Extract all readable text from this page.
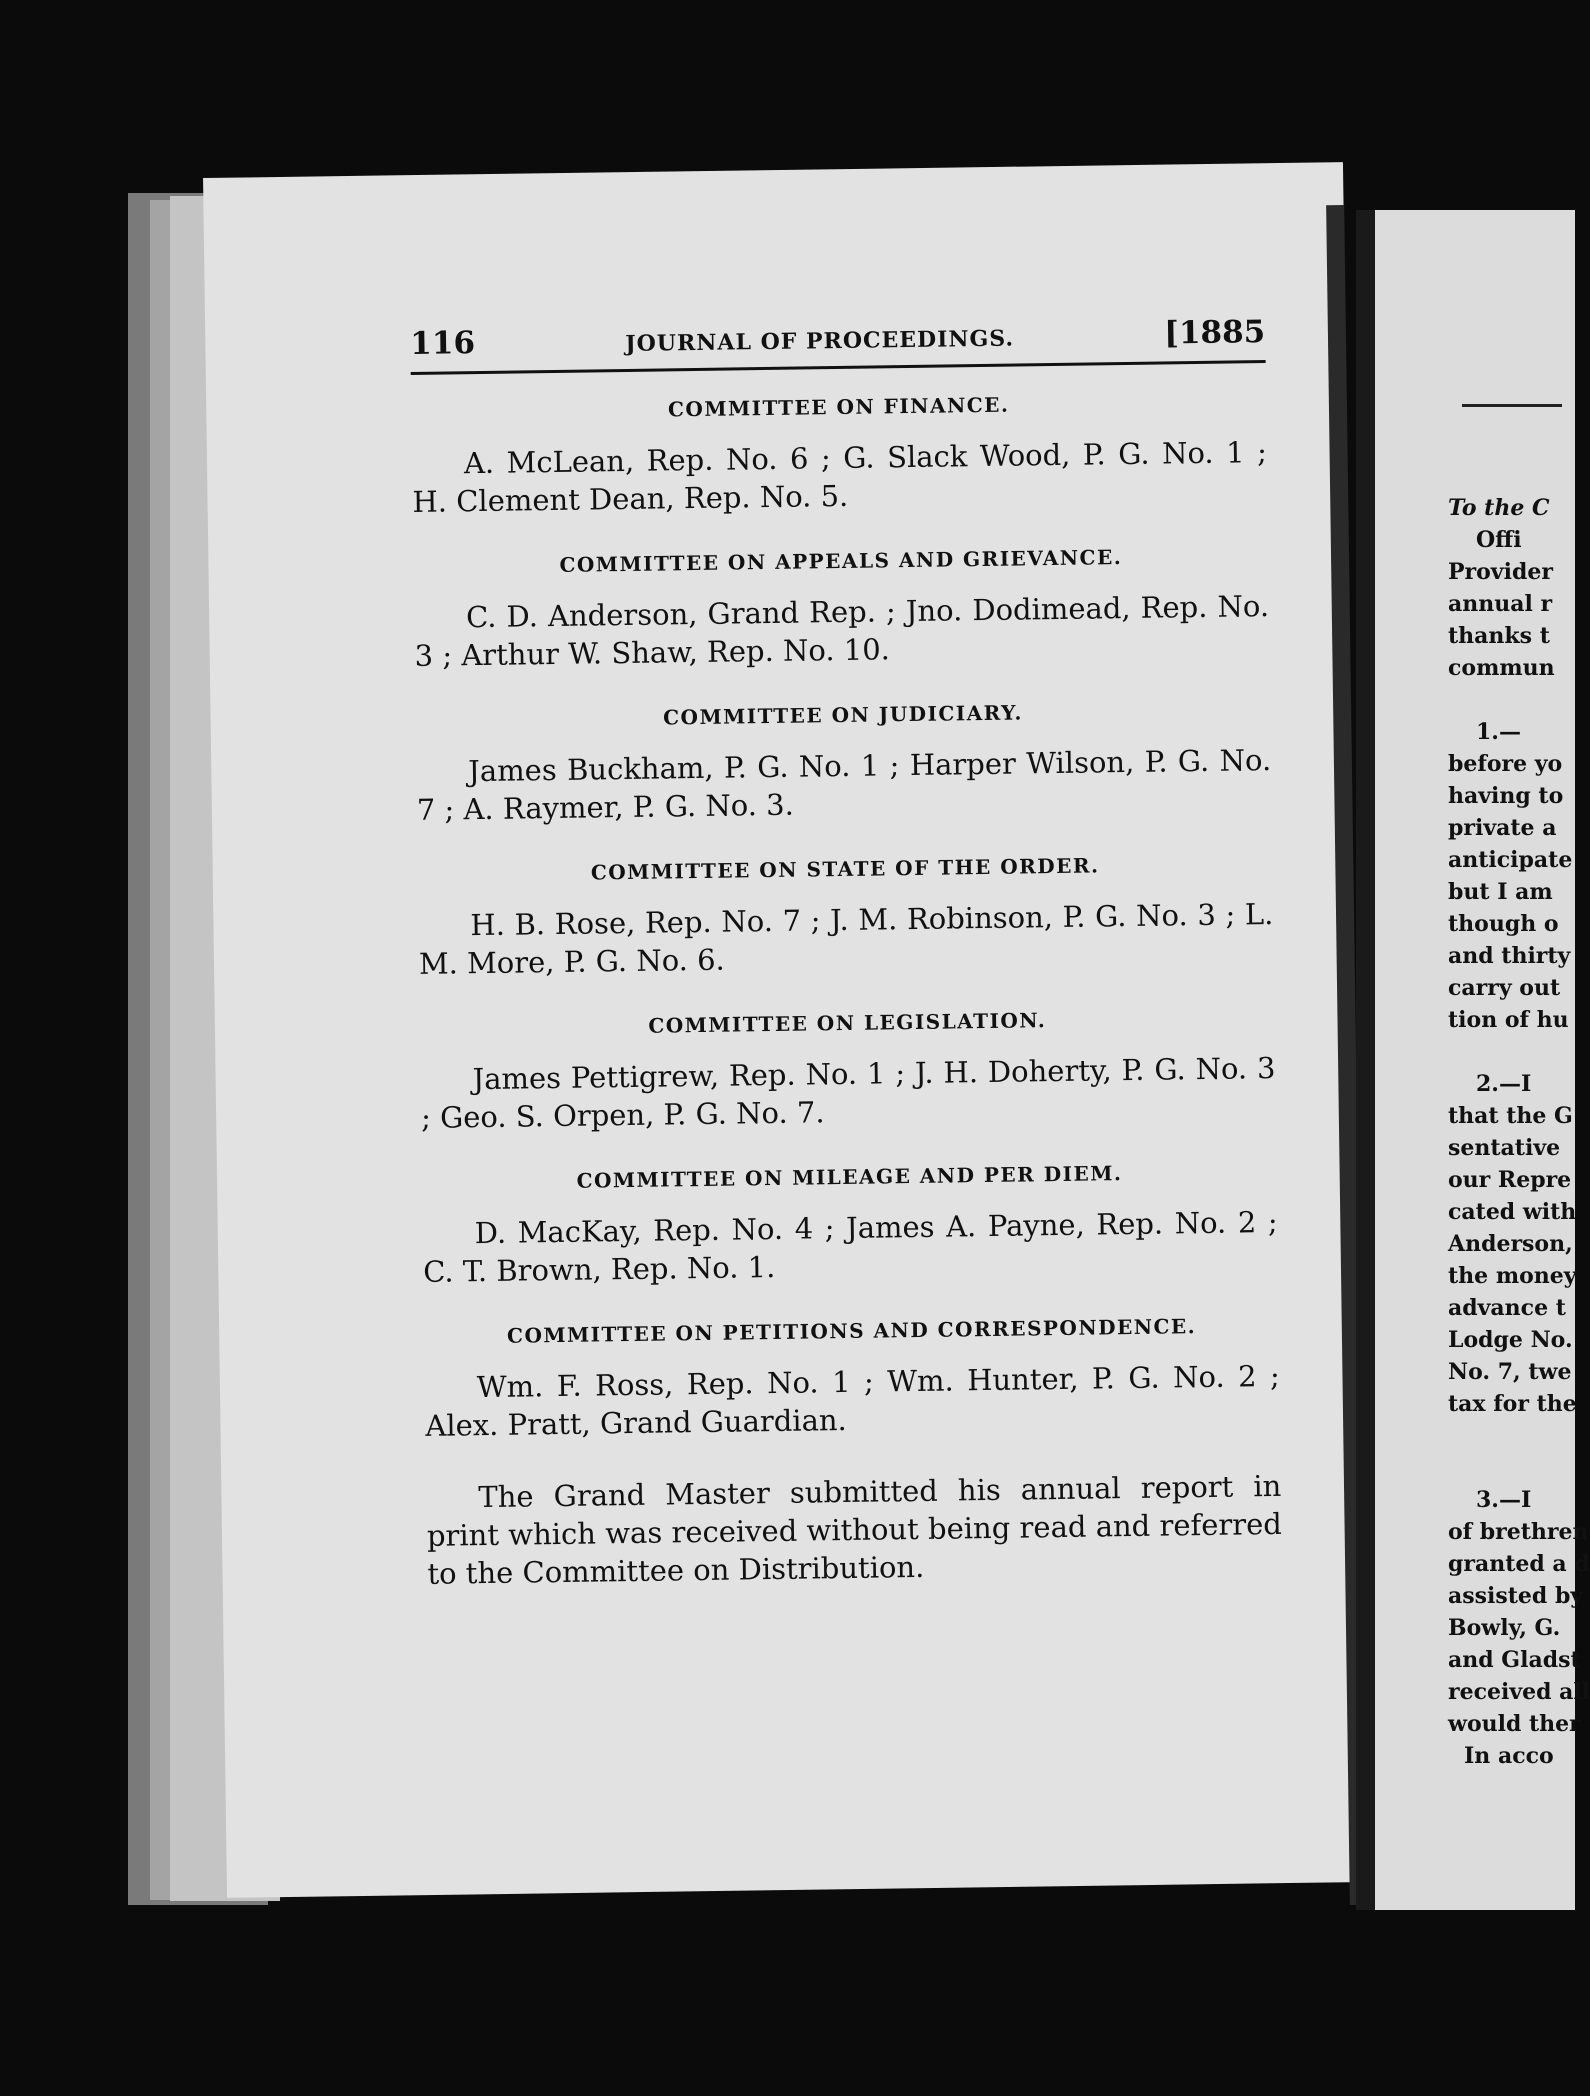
116	JOURNAL OF PROCEEDINGS.	[1885
COMMITTEE ON FINANCE.

A. McLean, Rep. No. 6 ; G. Slack Wood, P. G. No. 1 ; H. Clement Dean, Rep. No. 5.

COMMITTEE ON APPEALS AND GRIEVANCE.

C. D. Anderson, Grand Rep. ; Jno. Dodimead, Rep. No. 3 ; Arthur W. Shaw, Rep. No. 10.

COMMITTEE ON JUDICIARY.

James Buckham, P. G. No. 1 ; Harper Wilson, P. G. No. 7 ; A. Raymer, P. G. No. 3.

COMMITTEE ON STATE OF THE ORDER.

H. B. Rose, Rep. No. 7 ; J. M. Robinson, P. G. No. 3 ; L. M. More, P. G. No. 6.

COMMITTEE ON LEGISLATION.

James Pettigrew, Rep. No. 1 ; J. H. Doherty, P. G. No. 3 ; Geo. S. Orpen, P. G. No. 7.

COMMITTEE ON MILEAGE AND PER DIEM.

D. MacKay, Rep. No. 4 ; James A. Payne, Rep. No. 2 ; C. T. Brown, Rep. No. 1.

COMMITTEE ON PETITIONS AND CORRESPONDENCE.

Wm. F. Ross, Rep. No. 1 ; Wm. Hunter, P. G. No. 2 ; Alex. Pratt, Grand Guardian.

The Grand Master submitted his annual report in print which was received without being read and referred to the Committee on Distribution.

To the C
Offi
Provider
annual r
thanks t
commun
1.—
before yo
having to
private a
anticipate
but I am
though o
and thirty
carry out
tion of hu
2.—I
that the G
sentative
our Repre
cated with
Anderson,
the money
advance t
Lodge No.
No. 7, twe
tax for the
3.—I
of brethren
granted a d
assisted by
Bowly, G.
and Gladst
received all
would ther
In acco
